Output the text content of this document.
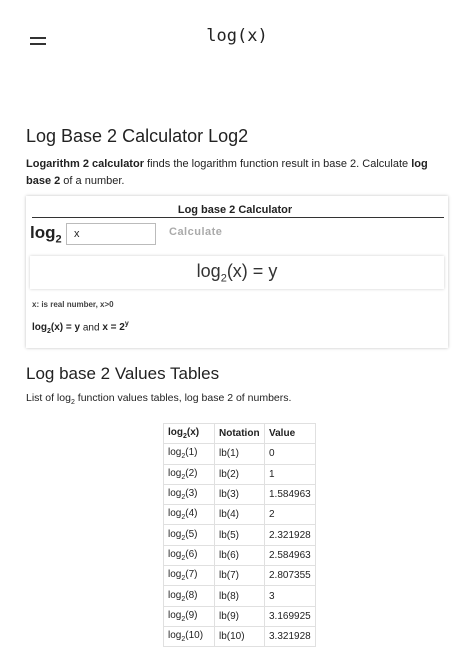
log(x)
Log Base 2 Calculator Log2

Logarithm 2 calculator finds the logarithm function result in base 2. Calculate log base 2 of a number.

Log base 2 Calculator
$\log_2$
x
Calculate
$\log_2(x) = y$
x: is real number, x>0
$\log_2(x) = y$ and $x = 2^y$
Log base 2 Values Tables

List of $\log_2$ function values tables, log base 2 of numbers.

$\log_2(x)$	Notation	Value
$\log_2(1)$	lb(1)	0
$\log_2(2)$	lb(2)	1
$\log_2(3)$	lb(3)	1.584963
$\log_2(4)$	lb(4)	2
$\log_2(5)$	lb(5)	2.321928
$\log_2(6)$	lb(6)	2.584963
$\log_2(7)$	lb(7)	2.807355
$\log_2(8)$	lb(8)	3
$\log_2(9)$	lb(9)	3.169925
$\log_2(10)$	lb(10)	3.321928
